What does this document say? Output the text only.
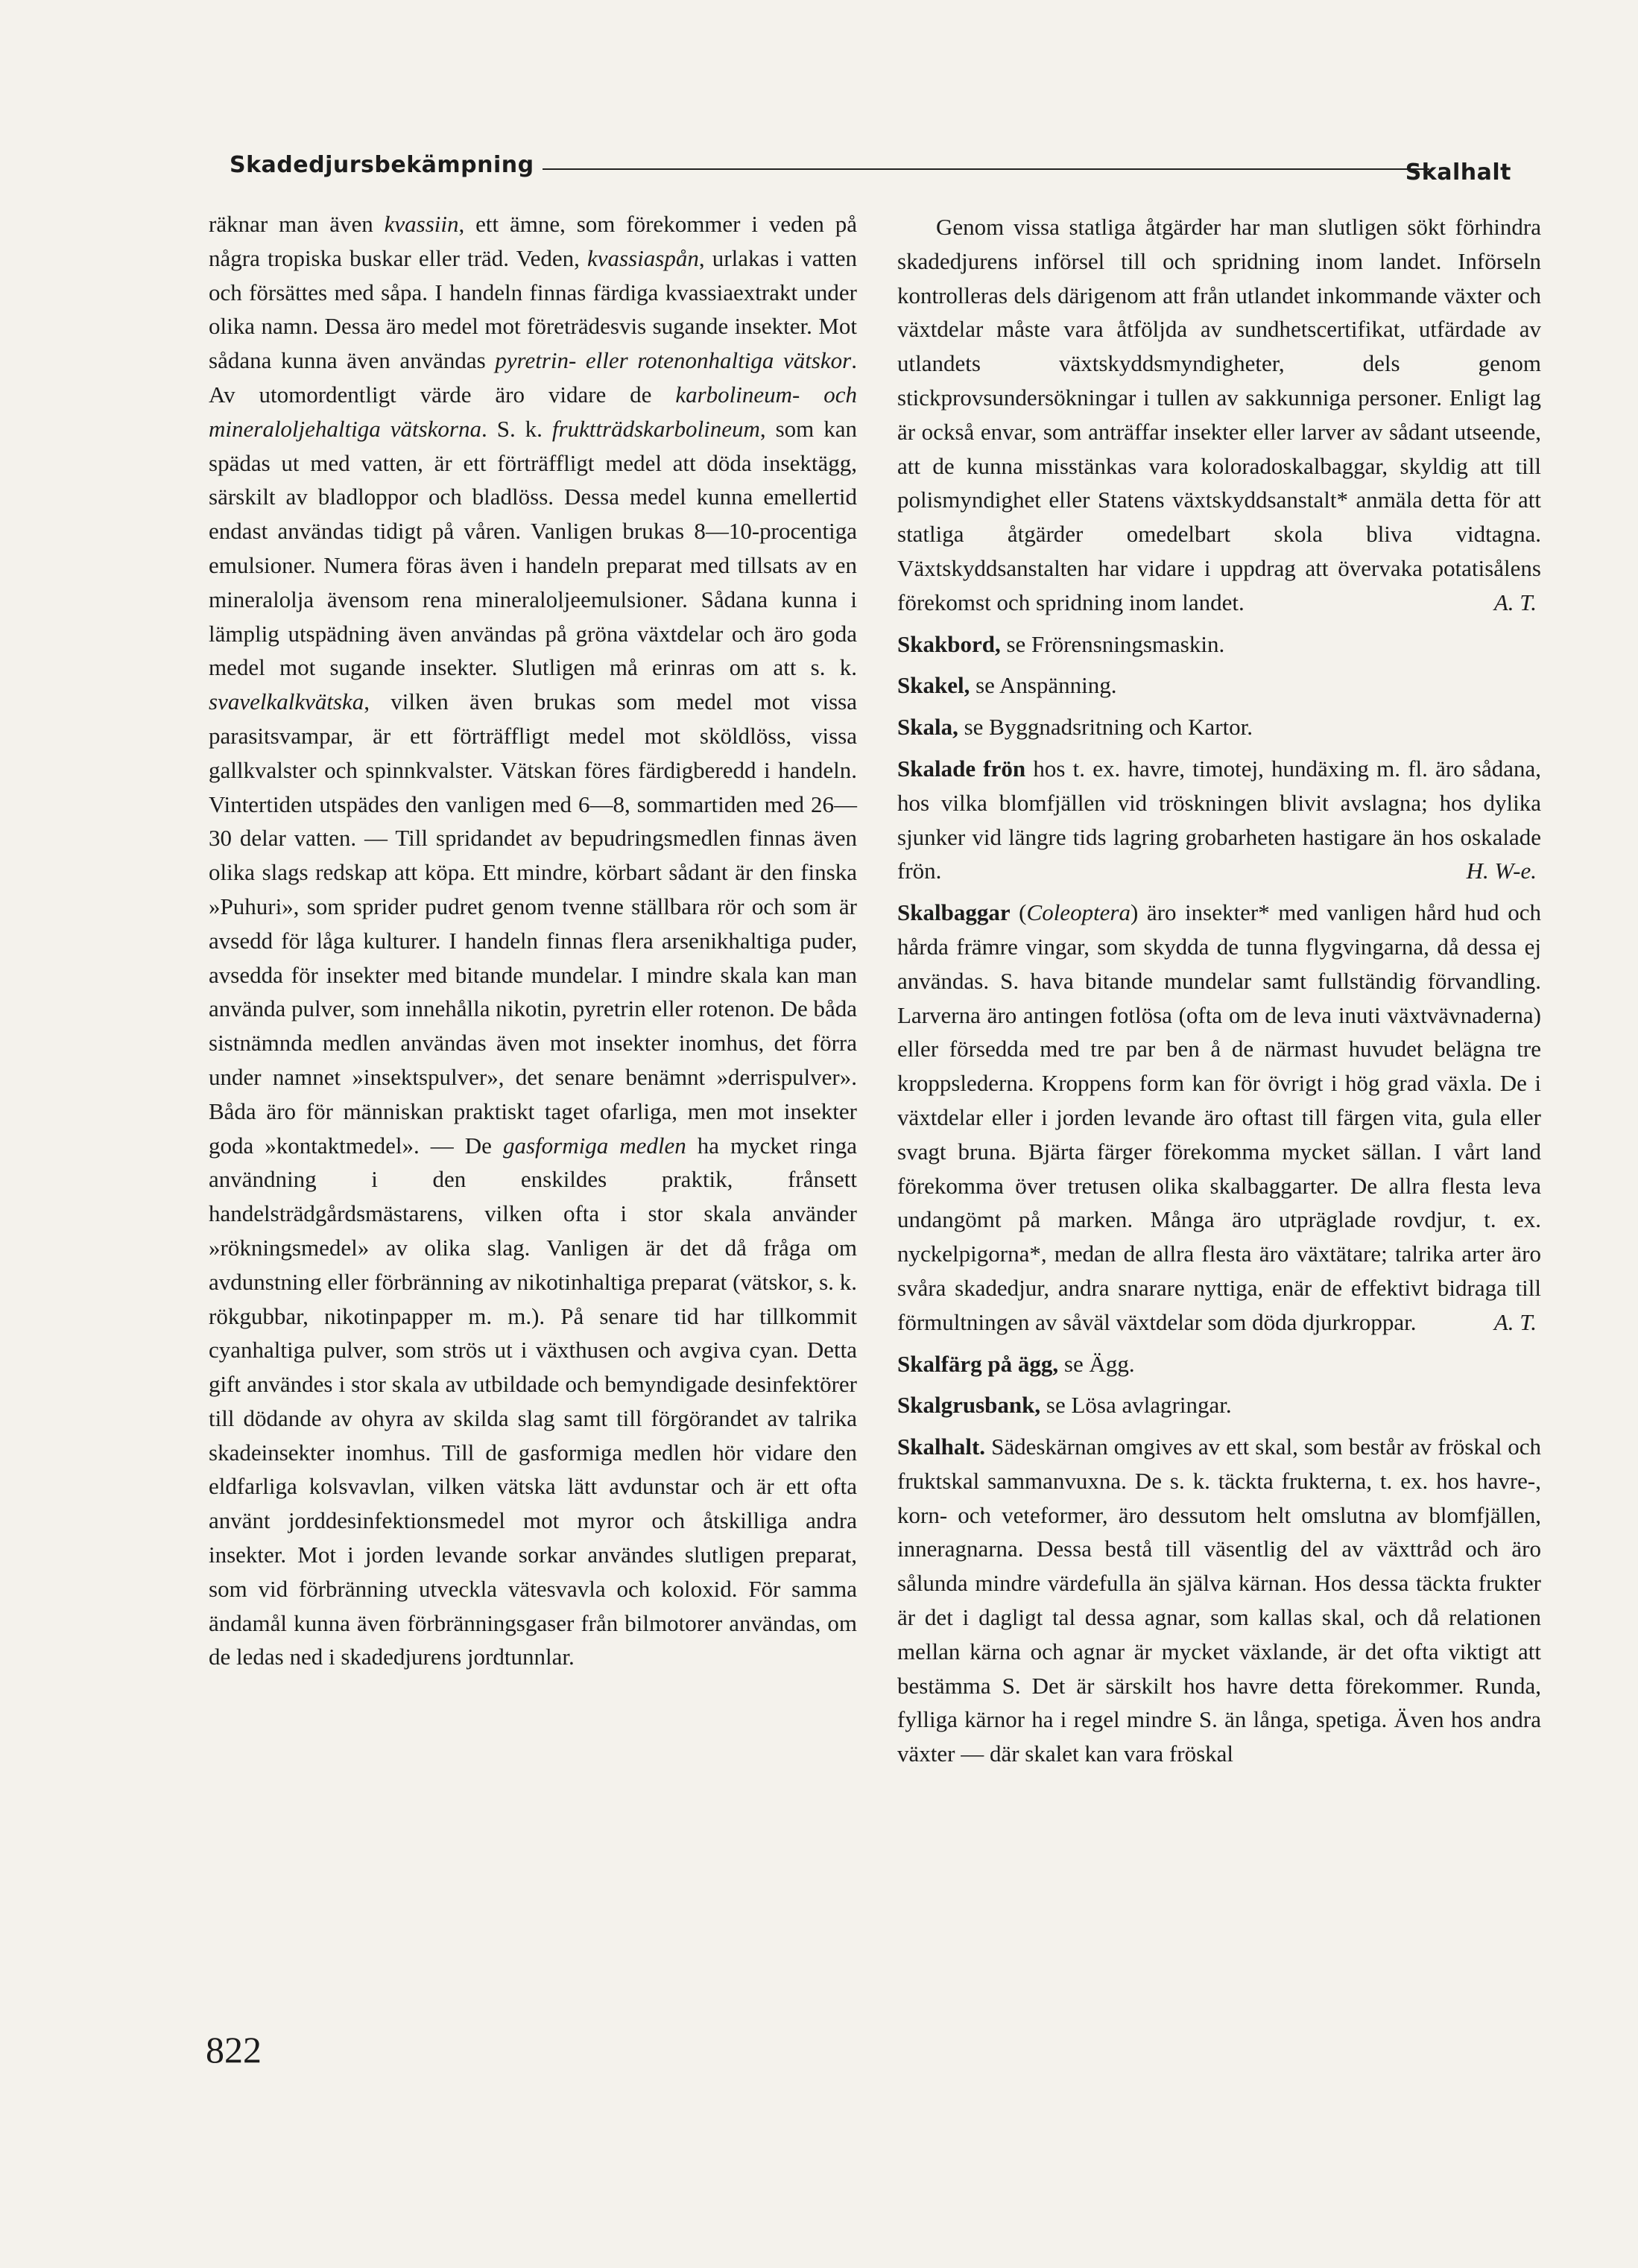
Skadedjursbekämpning	Skalhalt

räknar man även kvassiin, ett ämne, som förekommer i veden på några tropiska buskar eller träd. Veden, kvassiaspån, urlakas i vatten och försättes med såpa. I handeln finnas färdiga kvassiaextrakt under olika namn. Dessa äro medel mot företrädesvis sugande insekter. Mot sådana kunna även användas pyretrin- eller rotenonhaltiga vätskor. Av utomordentligt värde äro vidare de karbolineum- och mineraloljehaltiga vätskorna. S. k. fruktträdskarbolineum, som kan spädas ut med vatten, är ett förträffligt medel att döda insektägg, särskilt av bladloppor och bladlöss. Dessa medel kunna emellertid endast användas tidigt på våren. Vanligen brukas 8—10-procentiga emulsioner. Numera föras även i handeln preparat med tillsats av en mineralolja ävensom rena mineraloljeemulsioner. Sådana kunna i lämplig utspädning även användas på gröna växtdelar och äro goda medel mot sugande insekter. Slutligen må erinras om att s. k. svavelkalkvätska, vilken även brukas som medel mot vissa parasitsvampar, är ett förträffligt medel mot sköldlöss, vissa gallkvalster och spinnkvalster. Vätskan föres färdigberedd i handeln. Vintertiden utspädes den vanligen med 6—8, sommartiden med 26—30 delar vatten. — Till spridandet av bepudringsmedlen finnas även olika slags redskap att köpa. Ett mindre, körbart sådant är den finska »Puhuri», som sprider pudret genom tvenne ställbara rör och som är avsedd för låga kulturer. I handeln finnas flera arsenikhaltiga puder, avsedda för insekter med bitande mundelar. I mindre skala kan man använda pulver, som innehålla nikotin, pyretrin eller rotenon. De båda sistnämnda medlen användas även mot insekter inomhus, det förra under namnet »insektspulver», det senare benämnt »derrispulver». Båda äro för människan praktiskt taget ofarliga, men mot insekter goda »kontaktmedel». — De gasformiga medlen ha mycket ringa användning i den enskildes praktik, frånsett handelsträdgårdsmästarens, vilken ofta i stor skala använder »rökningsmedel» av olika slag. Vanligen är det då fråga om avdunstning eller förbränning av nikotinhaltiga preparat (vätskor, s. k. rökgubbar, nikotinpapper m. m.). På senare tid har tillkommit cyanhaltiga pulver, som strös ut i växthusen och avgiva cyan. Detta gift användes i stor skala av utbildade och bemyndigade desinfektörer till dödande av ohyra av skilda slag samt till förgörandet av talrika skadeinsekter inomhus. Till de gasformiga medlen hör vidare den eldfarliga kolsvavlan, vilken vätska lätt avdunstar och är ett ofta använt jorddesinfektionsmedel mot myror och åtskilliga andra insekter. Mot i jorden levande sorkar användes slutligen preparat, som vid förbränning utveckla vätesvavla och koloxid. För samma ändamål kunna även förbränningsgaser från bilmotorer användas, om de ledas ned i skadedjurens jordtunnlar.

Genom vissa statliga åtgärder har man slutligen sökt förhindra skadedjurens införsel till och spridning inom landet. Införseln kontrolleras dels därigenom att från utlandet inkommande växter och växtdelar måste vara åtföljda av sundhetscertifikat, utfärdade av utlandets växtskyddsmyndigheter, dels genom stickprovsundersökningar i tullen av sakkunniga personer. Enligt lag är också envar, som anträffar insekter eller larver av sådant utseende, att de kunna misstänkas vara koloradoskalbaggar, skyldig att till polismyndighet eller Statens växtskyddsanstalt* anmäla detta för att statliga åtgärder omedelbart skola bliva vidtagna. Växtskyddsanstalten har vidare i uppdrag att övervaka potatisålens förekomst och spridning inom landet.	A. T.

Skakbord, se Frörensningsmaskin.

Skakel, se Anspänning.

Skala, se Byggnadsritning och Kartor.

Skalade frön hos t. ex. havre, timotej, hundäxing m. fl. äro sådana, hos vilka blomfjällen vid tröskningen blivit avslagna; hos dylika sjunker vid längre tids lagring grobarheten hastigare än hos oskalade frön.	H. W-e.

Skalbaggar (Coleoptera) äro insekter* med vanligen hård hud och hårda främre vingar, som skydda de tunna flygvingarna, då dessa ej användas. S. hava bitande mundelar samt fullständig förvandling. Larverna äro antingen fotlösa (ofta om de leva inuti växtvävnaderna) eller försedda med tre par ben å de närmast huvudet belägna tre kroppslederna. Kroppens form kan för övrigt i hög grad växla. De i växtdelar eller i jorden levande äro oftast till färgen vita, gula eller svagt bruna. Bjärta färger förekomma mycket sällan. I vårt land förekomma över tretusen olika skalbaggarter. De allra flesta leva undangömt på marken. Många äro utpräglade rovdjur, t. ex. nyckelpigorna*, medan de allra flesta äro växtätare; talrika arter äro svåra skadedjur, andra snarare nyttiga, enär de effektivt bidraga till förmultningen av såväl växtdelar som döda djurkroppar.	A. T.

Skalfärg på ägg, se Ägg.

Skalgrusbank, se Lösa avlagringar.

Skalhalt. Sädeskärnan omgives av ett skal, som består av fröskal och fruktskal sammanvuxna. De s. k. täckta frukterna, t. ex. hos havre-, korn- och veteformer, äro dessutom helt omslutna av blomfjällen, inneragnarna. Dessa bestå till väsentlig del av växttråd och äro sålunda mindre värdefulla än själva kärnan. Hos dessa täckta frukter är det i dagligt tal dessa agnar, som kallas skal, och då relationen mellan kärna och agnar är mycket växlande, är det ofta viktigt att bestämma S. Det är särskilt hos havre detta förekommer. Runda, fylliga kärnor ha i regel mindre S. än långa, spetiga. Även hos andra växter — där skalet kan vara fröskal

822
